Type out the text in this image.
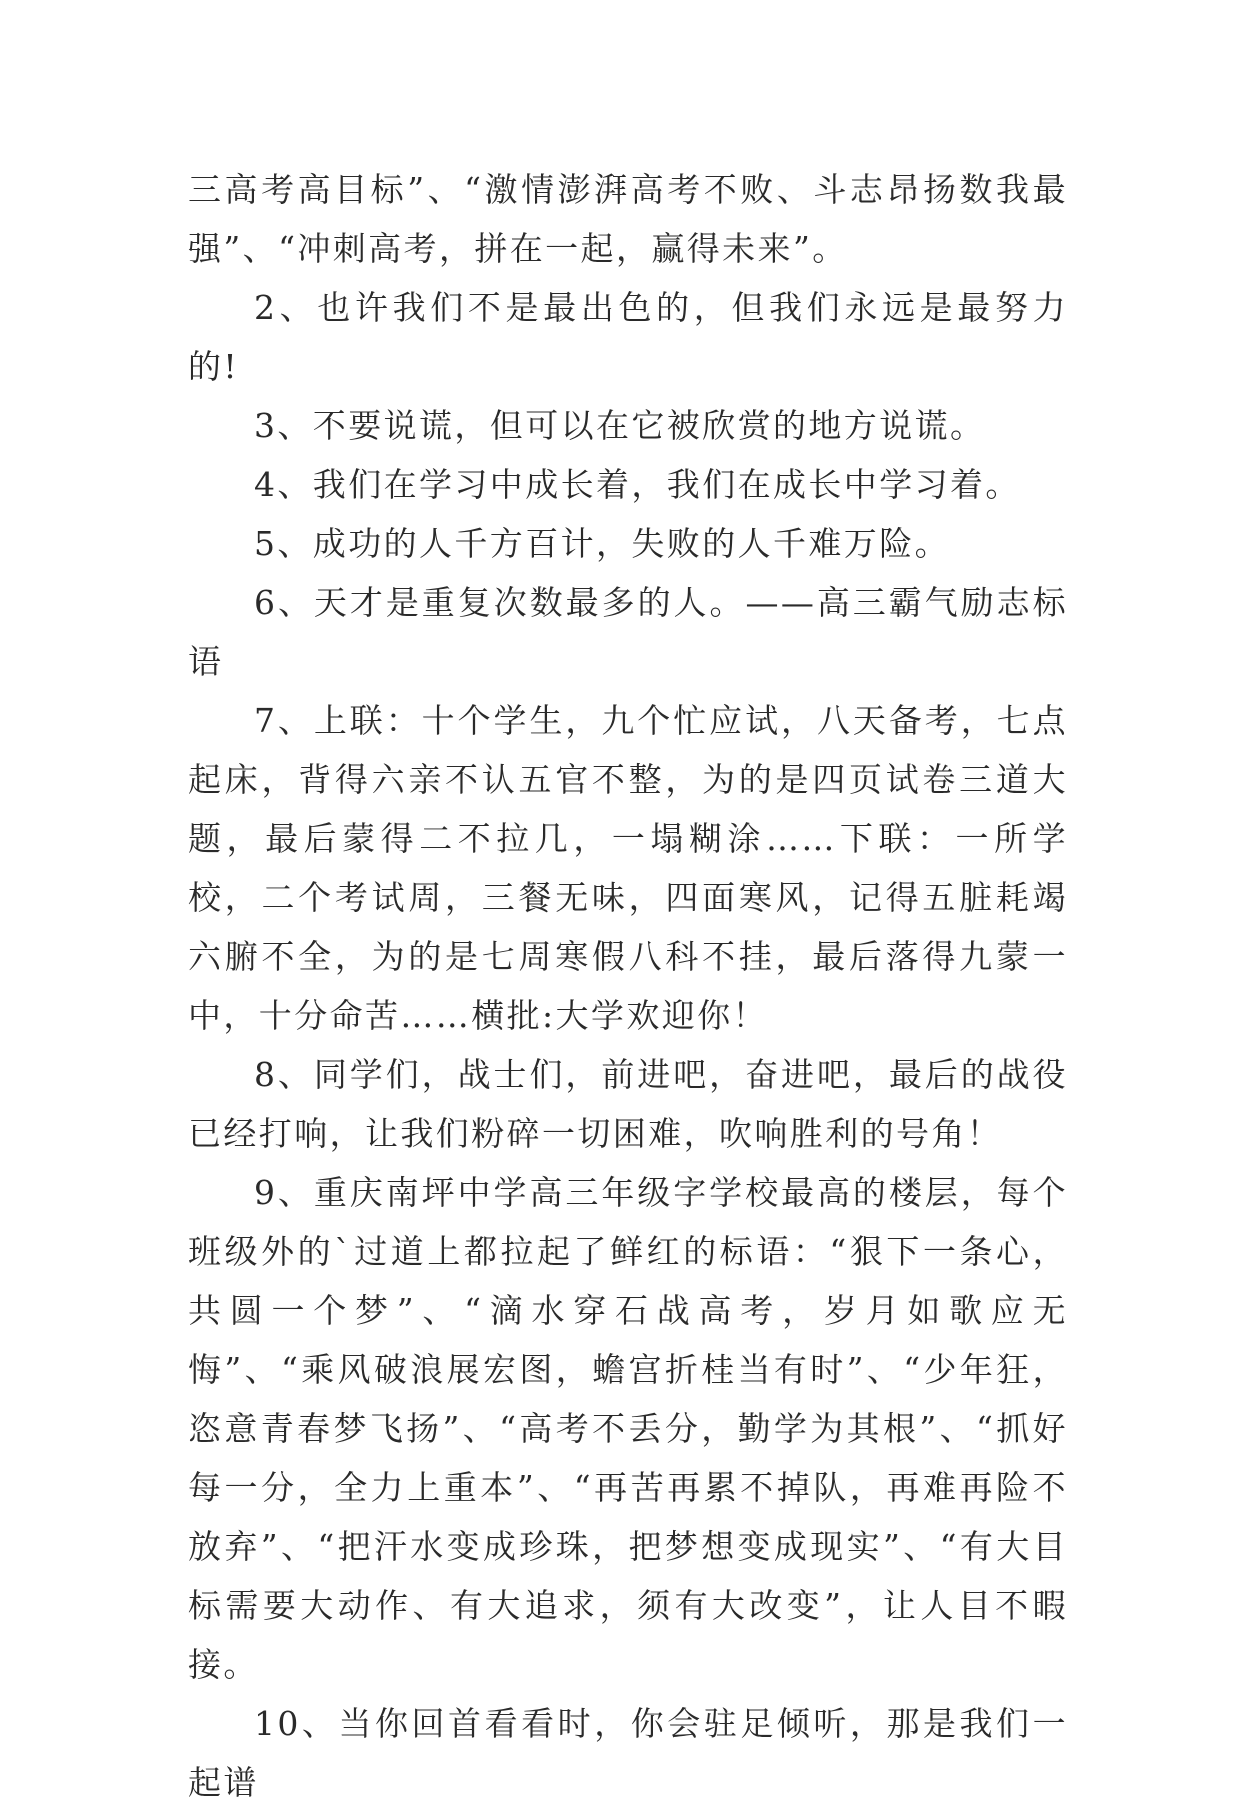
三高考高目标”、“激情澎湃高考不败、斗志昂扬数我最强”、“冲刺高考，拼在一起，赢得未来”。

2、也许我们不是最出色的，但我们永远是最努力的!

3、不要说谎，但可以在它被欣赏的地方说谎。

4、我们在学习中成长着，我们在成长中学习着。

5、成功的人千方百计，失败的人千难万险。

6、天才是重复次数最多的人。——高三霸气励志标语

7、上联：十个学生，九个忙应试，八天备考，七点起床，背得六亲不认五官不整，为的是四页试卷三道大题，最后蒙得二不拉几，一塌糊涂……下联：一所学校，二个考试周，三餐无味，四面寒风，记得五脏耗竭六腑不全，为的是七周寒假八科不挂，最后落得九蒙一中，十分命苦……横批:大学欢迎你！

8、同学们，战士们，前进吧，奋进吧，最后的战役已经打响，让我们粉碎一切困难，吹响胜利的号角！

9、重庆南坪中学高三年级字学校最高的楼层，每个班级外的`过道上都拉起了鲜红的标语：“狠下一条心，共圆一个梦”、“滴水穿石战高考，岁月如歌应无悔”、“乘风破浪展宏图，蟾宫折桂当有时”、“少年狂，恣意青春梦飞扬”、“高考不丢分，勤学为其根”、“抓好每一分，全力上重本”、“再苦再累不掉队，再难再险不放弃”、“把汗水变成珍珠，把梦想变成现实”、“有大目标需要大动作、有大追求，须有大改变”，让人目不暇接。

10、当你回首看看时，你会驻足倾听，那是我们一起谱
